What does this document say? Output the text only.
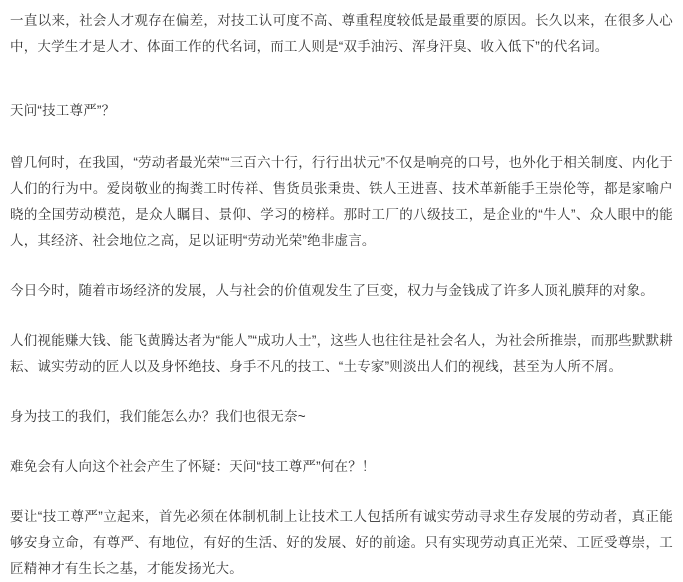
一直以来，社会人才观存在偏差，对技工认可度不高、尊重程度较低是最重要的原因。长久以来，在很多人心中，大学生才是人才、体面工作的代名词，而工人则是“双手油污、浑身汗臭、收入低下”的代名词。

天问“技工尊严”？

曾几何时，在我国，“劳动者最光荣”“三百六十行，行行出状元”不仅是响亮的口号，也外化于相关制度、内化于人们的行为中。爱岗敬业的掏粪工时传祥、售货员张秉贵、铁人王进喜、技术革新能手王崇伦等，都是家喻户晓的全国劳动模范，是众人瞩目、景仰、学习的榜样。那时工厂的八级技工，是企业的“牛人”、众人眼中的能人，其经济、社会地位之高，足以证明“劳动光荣”绝非虚言。

今日今时，随着市场经济的发展，人与社会的价值观发生了巨变，权力与金钱成了许多人顶礼膜拜的对象。

人们视能赚大钱、能飞黄腾达者为“能人”“成功人士”，这些人也往往是社会名人，为社会所推崇，而那些默默耕耘、诚实劳动的匠人以及身怀绝技、身手不凡的技工、“土专家”则淡出人们的视线，甚至为人所不屑。

身为技工的我们，我们能怎么办？我们也很无奈~

难免会有人向这个社会产生了怀疑：天问“技工尊严”何在？！

要让“技工尊严”立起来，首先必须在体制机制上让技术工人包括所有诚实劳动寻求生存发展的劳动者，真正能够安身立命，有尊严、有地位，有好的生活、好的发展、好的前途。只有实现劳动真正光荣、工匠受尊崇，工匠精神才有生长之基，才能发扬光大。
